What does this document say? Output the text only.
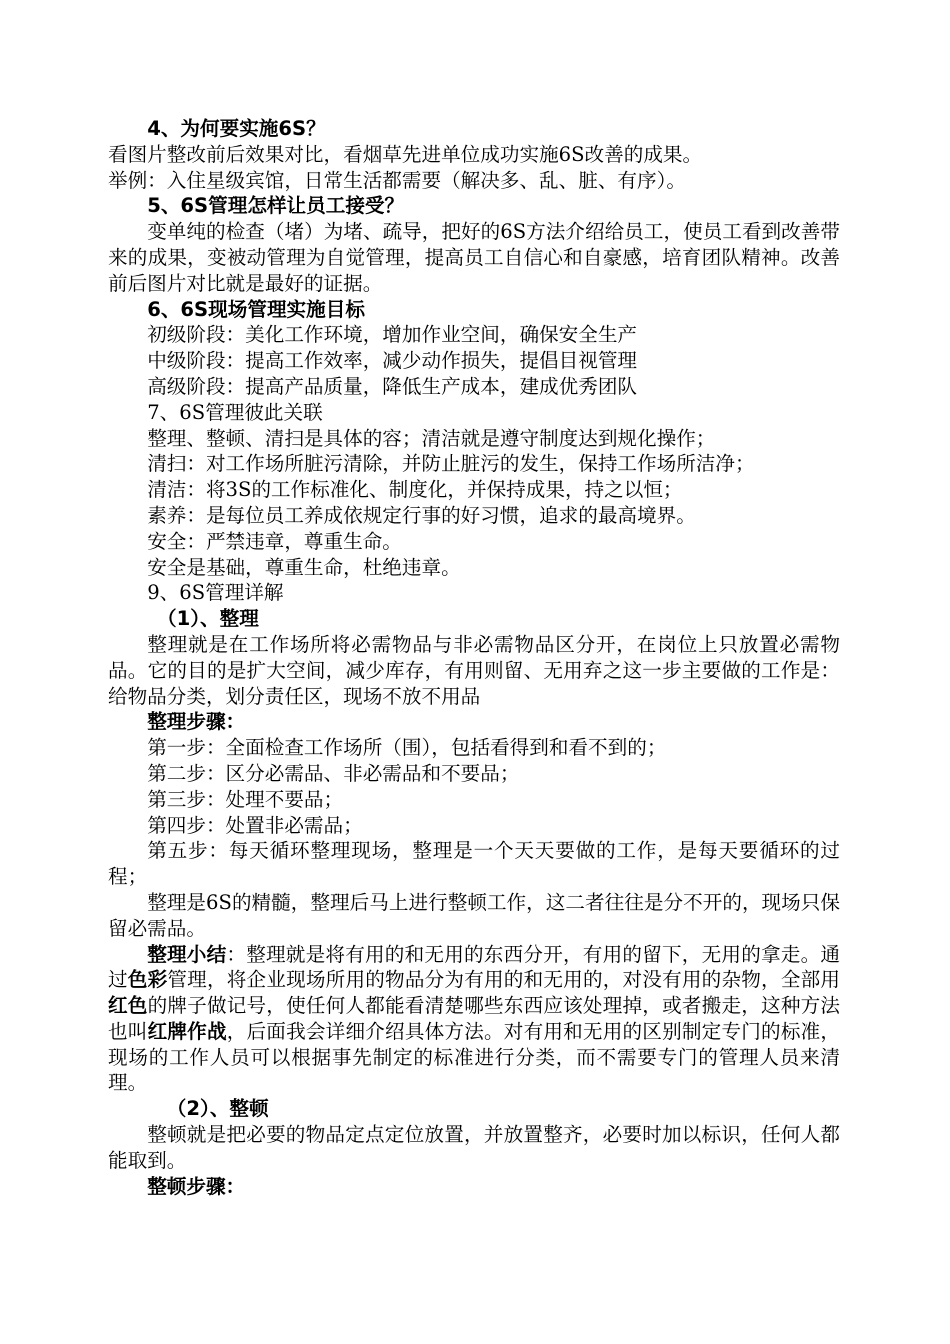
4、为何要实施6S？

看图片整改前后效果对比，看烟草先进单位成功实施6S改善的成果。

举例：入住星级宾馆，日常生活都需要（解决多、乱、脏、有序）。

5、6S管理怎样让员工接受？

变单纯的检查（堵）为堵、疏导，把好的6S方法介绍给员工，使员工看到改善带来的成果，变被动管理为自觉管理，提高员工自信心和自豪感，培育团队精神。改善前后图片对比就是最好的证据。

6、6S现场管理实施目标

初级阶段：美化工作环境，增加作业空间，确保安全生产

中级阶段：提高工作效率，减少动作损失，提倡目视管理

高级阶段：提高产品质量，降低生产成本，建成优秀团队

7、6S管理彼此关联

整理、整顿、清扫是具体的容；清洁就是遵守制度达到规化操作；

清扫：对工作场所脏污清除，并防止脏污的发生，保持工作场所洁净；

清洁：将3S的工作标准化、制度化，并保持成果，持之以恒；

素养：是每位员工养成依规定行事的好习惯，追求的最高境界。

安全：严禁违章，尊重生命。

安全是基础，尊重生命，杜绝违章。

9、6S管理详解

（1）、整理

整理就是在工作场所将必需物品与非必需物品区分开，在岗位上只放置必需物品。它的目的是扩大空间，减少库存，有用则留、无用弃之这一步主要做的工作是：给物品分类，划分责任区，现场不放不用品

整理步骤：

第一步：全面检查工作场所（围），包括看得到和看不到的；

第二步：区分必需品、非必需品和不要品；

第三步：处理不要品；

第四步：处置非必需品；

第五步：每天循环整理现场，整理是一个天天要做的工作，是每天要循环的过程；

整理是6S的精髓，整理后马上进行整顿工作，这二者往往是分不开的，现场只保留必需品。

整理小结：整理就是将有用的和无用的东西分开，有用的留下，无用的拿走。通过色彩管理，将企业现场所用的物品分为有用的和无用的，对没有用的杂物，全部用红色的牌子做记号，使任何人都能看清楚哪些东西应该处理掉，或者搬走，这种方法也叫红牌作战，后面我会详细介绍具体方法。对有用和无用的区别制定专门的标准，现场的工作人员可以根据事先制定的标准进行分类，而不需要专门的管理人员来清理。

（2）、整顿

整顿就是把必要的物品定点定位放置，并放置整齐，必要时加以标识，任何人都能取到。

整顿步骤：
